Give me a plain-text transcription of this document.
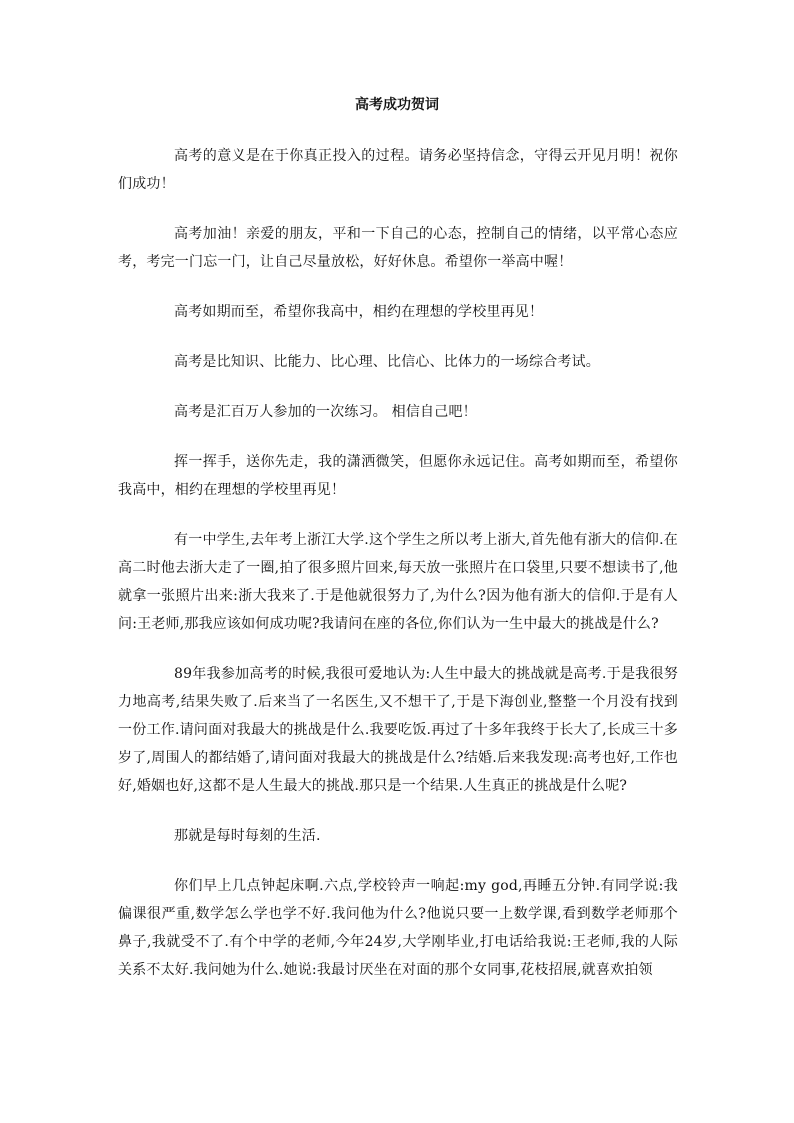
高考成功贺词

高考的意义是在于你真正投入的过程。请务必坚持信念，守得云开见月明！祝你们成功！

高考加油！亲爱的朋友，平和一下自己的心态，控制自己的情绪，以平常心态应考，考完一门忘一门，让自己尽量放松，好好休息。希望你一举高中喔！

高考如期而至，希望你我高中，相约在理想的学校里再见！

高考是比知识、比能力、比心理、比信心、比体力的一场综合考试。

高考是汇百万人参加的一次练习。 相信自己吧！

挥一挥手，送你先走，我的潇洒微笑，但愿你永远记住。高考如期而至，希望你我高中，相约在理想的学校里再见！

有一中学生,去年考上浙江大学.这个学生之所以考上浙大,首先他有浙大的信仰.在高二时他去浙大走了一圈,拍了很多照片回来,每天放一张照片在口袋里,只要不想读书了,他就拿一张照片出来:浙大我来了.于是他就很努力了,为什么?因为他有浙大的信仰.于是有人问:王老师,那我应该如何成功呢?我请问在座的各位,你们认为一生中最大的挑战是什么?

89年我参加高考的时候,我很可爱地认为:人生中最大的挑战就是高考.于是我很努力地高考,结果失败了.后来当了一名医生,又不想干了,于是下海创业,整整一个月没有找到一份工作.请问面对我最大的挑战是什么.我要吃饭.再过了十多年我终于长大了,长成三十多岁了,周围人的都结婚了,请问面对我最大的挑战是什么?结婚.后来我发现:高考也好,工作也好,婚姻也好,这都不是人生最大的挑战.那只是一个结果.人生真正的挑战是什么呢?

那就是每时每刻的生活.

你们早上几点钟起床啊.六点,学校铃声一响起:my god,再睡五分钟.有同学说:我偏课很严重,数学怎么学也学不好.我问他为什么?他说只要一上数学课,看到数学老师那个鼻子,我就受不了.有个中学的老师,今年24岁,大学刚毕业,打电话给我说:王老师,我的人际关系不太好.我问她为什么.她说:我最讨厌坐在对面的那个女同事,花枝招展,就喜欢拍领
